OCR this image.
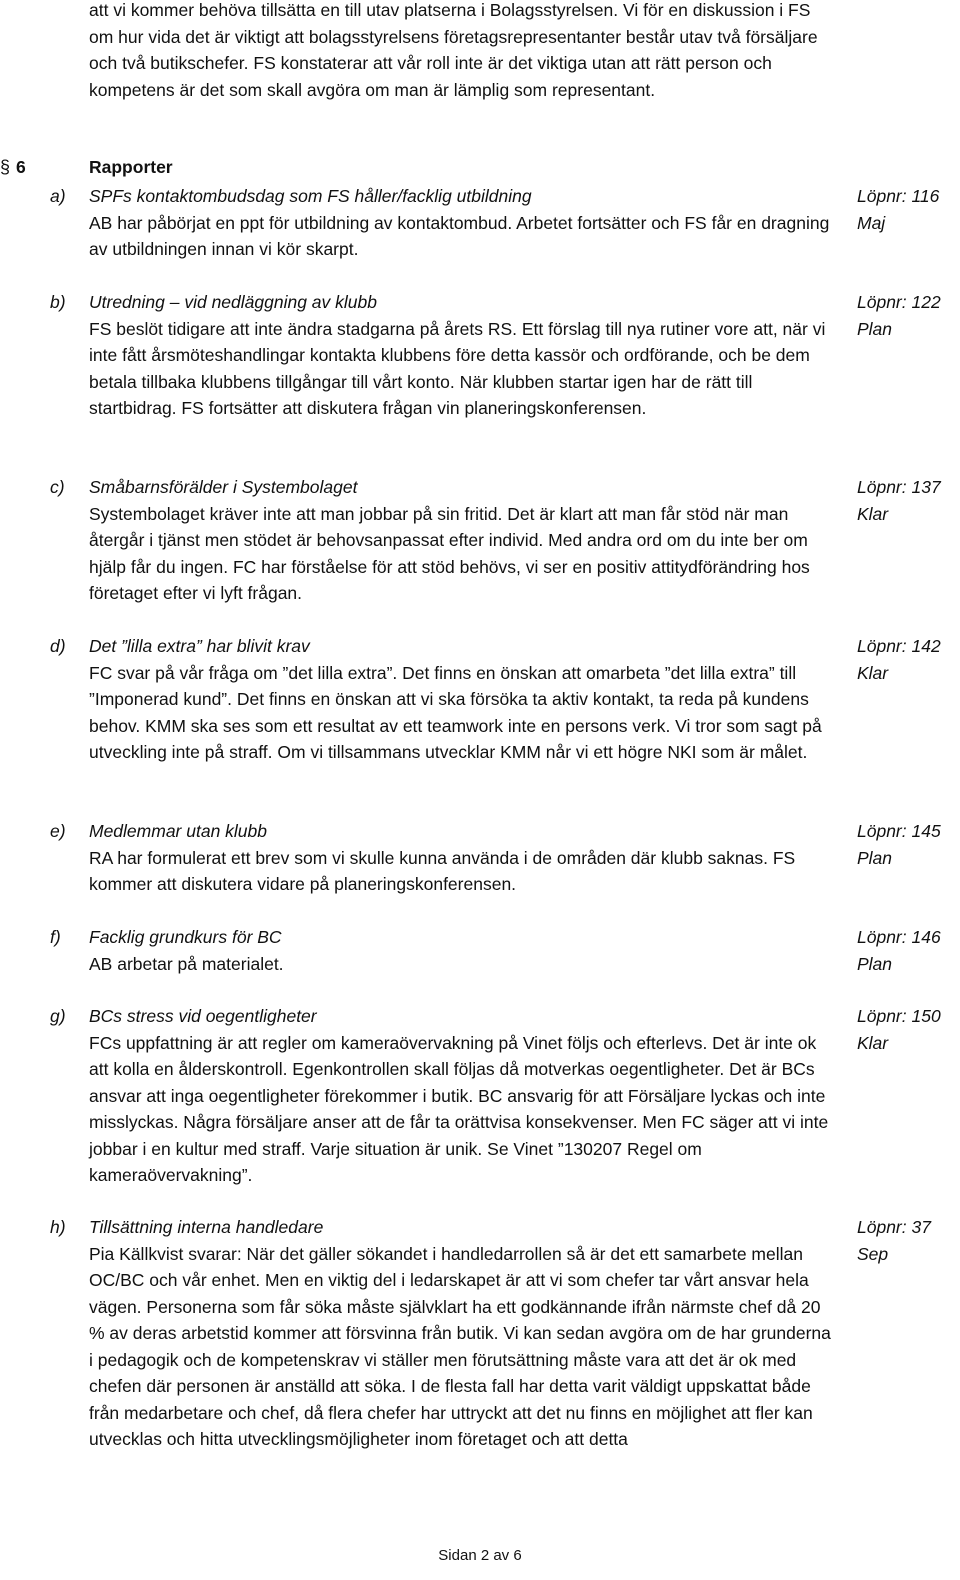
att vi kommer behöva tillsätta en till utav platserna i Bolagsstyrelsen. Vi för en diskussion i FS om hur vida det är viktigt att bolagsstyrelsens företagsrepresentanter består utav två försäljare och två butikschefer. FS konstaterar att vår roll inte är det viktiga utan att rätt person och kompetens är det som skall avgöra om man är lämplig som representant.

§ 6	Rapporter
a)	SPFs kontaktombudsdag som FS håller/facklig utbildning
AB har påbörjat en ppt för utbildning av kontaktombud. Arbetet fortsätter och FS får en dragning av utbildningen innan vi kör skarpt.
Löpnr: 116
Maj
b)	Utredning – vid nedläggning av klubb
FS beslöt tidigare att inte ändra stadgarna på årets RS. Ett förslag till nya rutiner vore att, när vi inte fått årsmöteshandlingar kontakta klubbens före detta kassör och ordförande, och be dem betala tillbaka klubbens tillgångar till vårt konto. När klubben startar igen har de rätt till startbidrag. FS fortsätter att diskutera frågan vin planeringskonferensen.
Löpnr: 122
Plan
c)	Småbarnsförälder i Systembolaget
Systembolaget kräver inte att man jobbar på sin fritid. Det är klart att man får stöd när man återgår i tjänst men stödet är behovsanpassat efter individ. Med andra ord om du inte ber om hjälp får du ingen. FC har förståelse för att stöd behövs, vi ser en positiv attitydförändring hos företaget efter vi lyft frågan.
Löpnr: 137
Klar
d)	Det ”lilla extra” har blivit krav
FC svar på vår fråga om ”det lilla extra”. Det finns en önskan att omarbeta ”det lilla extra” till ”Imponerad kund”. Det finns en önskan att vi ska försöka ta aktiv kontakt, ta reda på kundens behov. KMM ska ses som ett resultat av ett teamwork inte en persons verk. Vi tror som sagt på utveckling inte på straff. Om vi tillsammans utvecklar KMM når vi ett högre NKI som är målet.
Löpnr: 142
Klar
e)	Medlemmar utan klubb
RA har formulerat ett brev som vi skulle kunna använda i de områden där klubb saknas. FS kommer att diskutera vidare på planeringskonferensen.
Löpnr: 145
Plan
f)	Facklig grundkurs för BC
AB arbetar på materialet.
Löpnr: 146
Plan
g)	BCs stress vid oegentligheter
FCs uppfattning är att regler om kameraövervakning på Vinet följs och efterlevs. Det är inte ok att kolla en ålderskontroll. Egenkontrollen skall följas då motverkas oegentligheter. Det är BCs ansvar att inga oegentligheter förekommer i butik. BC ansvarig för att Försäljare lyckas och inte misslyckas. Några försäljare anser att de får ta orättvisa konsekvenser. Men FC säger att vi inte jobbar i en kultur med straff. Varje situation är unik. Se Vinet ”130207 Regel om kameraövervakning”.
Löpnr: 150
Klar
h)	Tillsättning interna handledare
Pia Källkvist svarar: När det gäller sökandet i handledarrollen så är det ett samarbete mellan OC/BC och vår enhet. Men en viktig del i ledarskapet är att vi som chefer tar vårt ansvar hela vägen. Personerna som får söka måste självklart ha ett godkännande ifrån närmste chef då 20 % av deras arbetstid kommer att försvinna från butik. Vi kan sedan avgöra om de har grunderna i pedagogik och de kompetenskrav vi ställer men förutsättning måste vara att det är ok med chefen där personen är anställd att söka. I de flesta fall har detta varit väldigt uppskattat både från medarbetare och chef, då flera chefer har uttryckt att det nu finns en möjlighet att fler kan utvecklas och hitta utvecklingsmöjligheter inom företaget och att detta
Löpnr: 37
Sep
Sidan 2 av 6
